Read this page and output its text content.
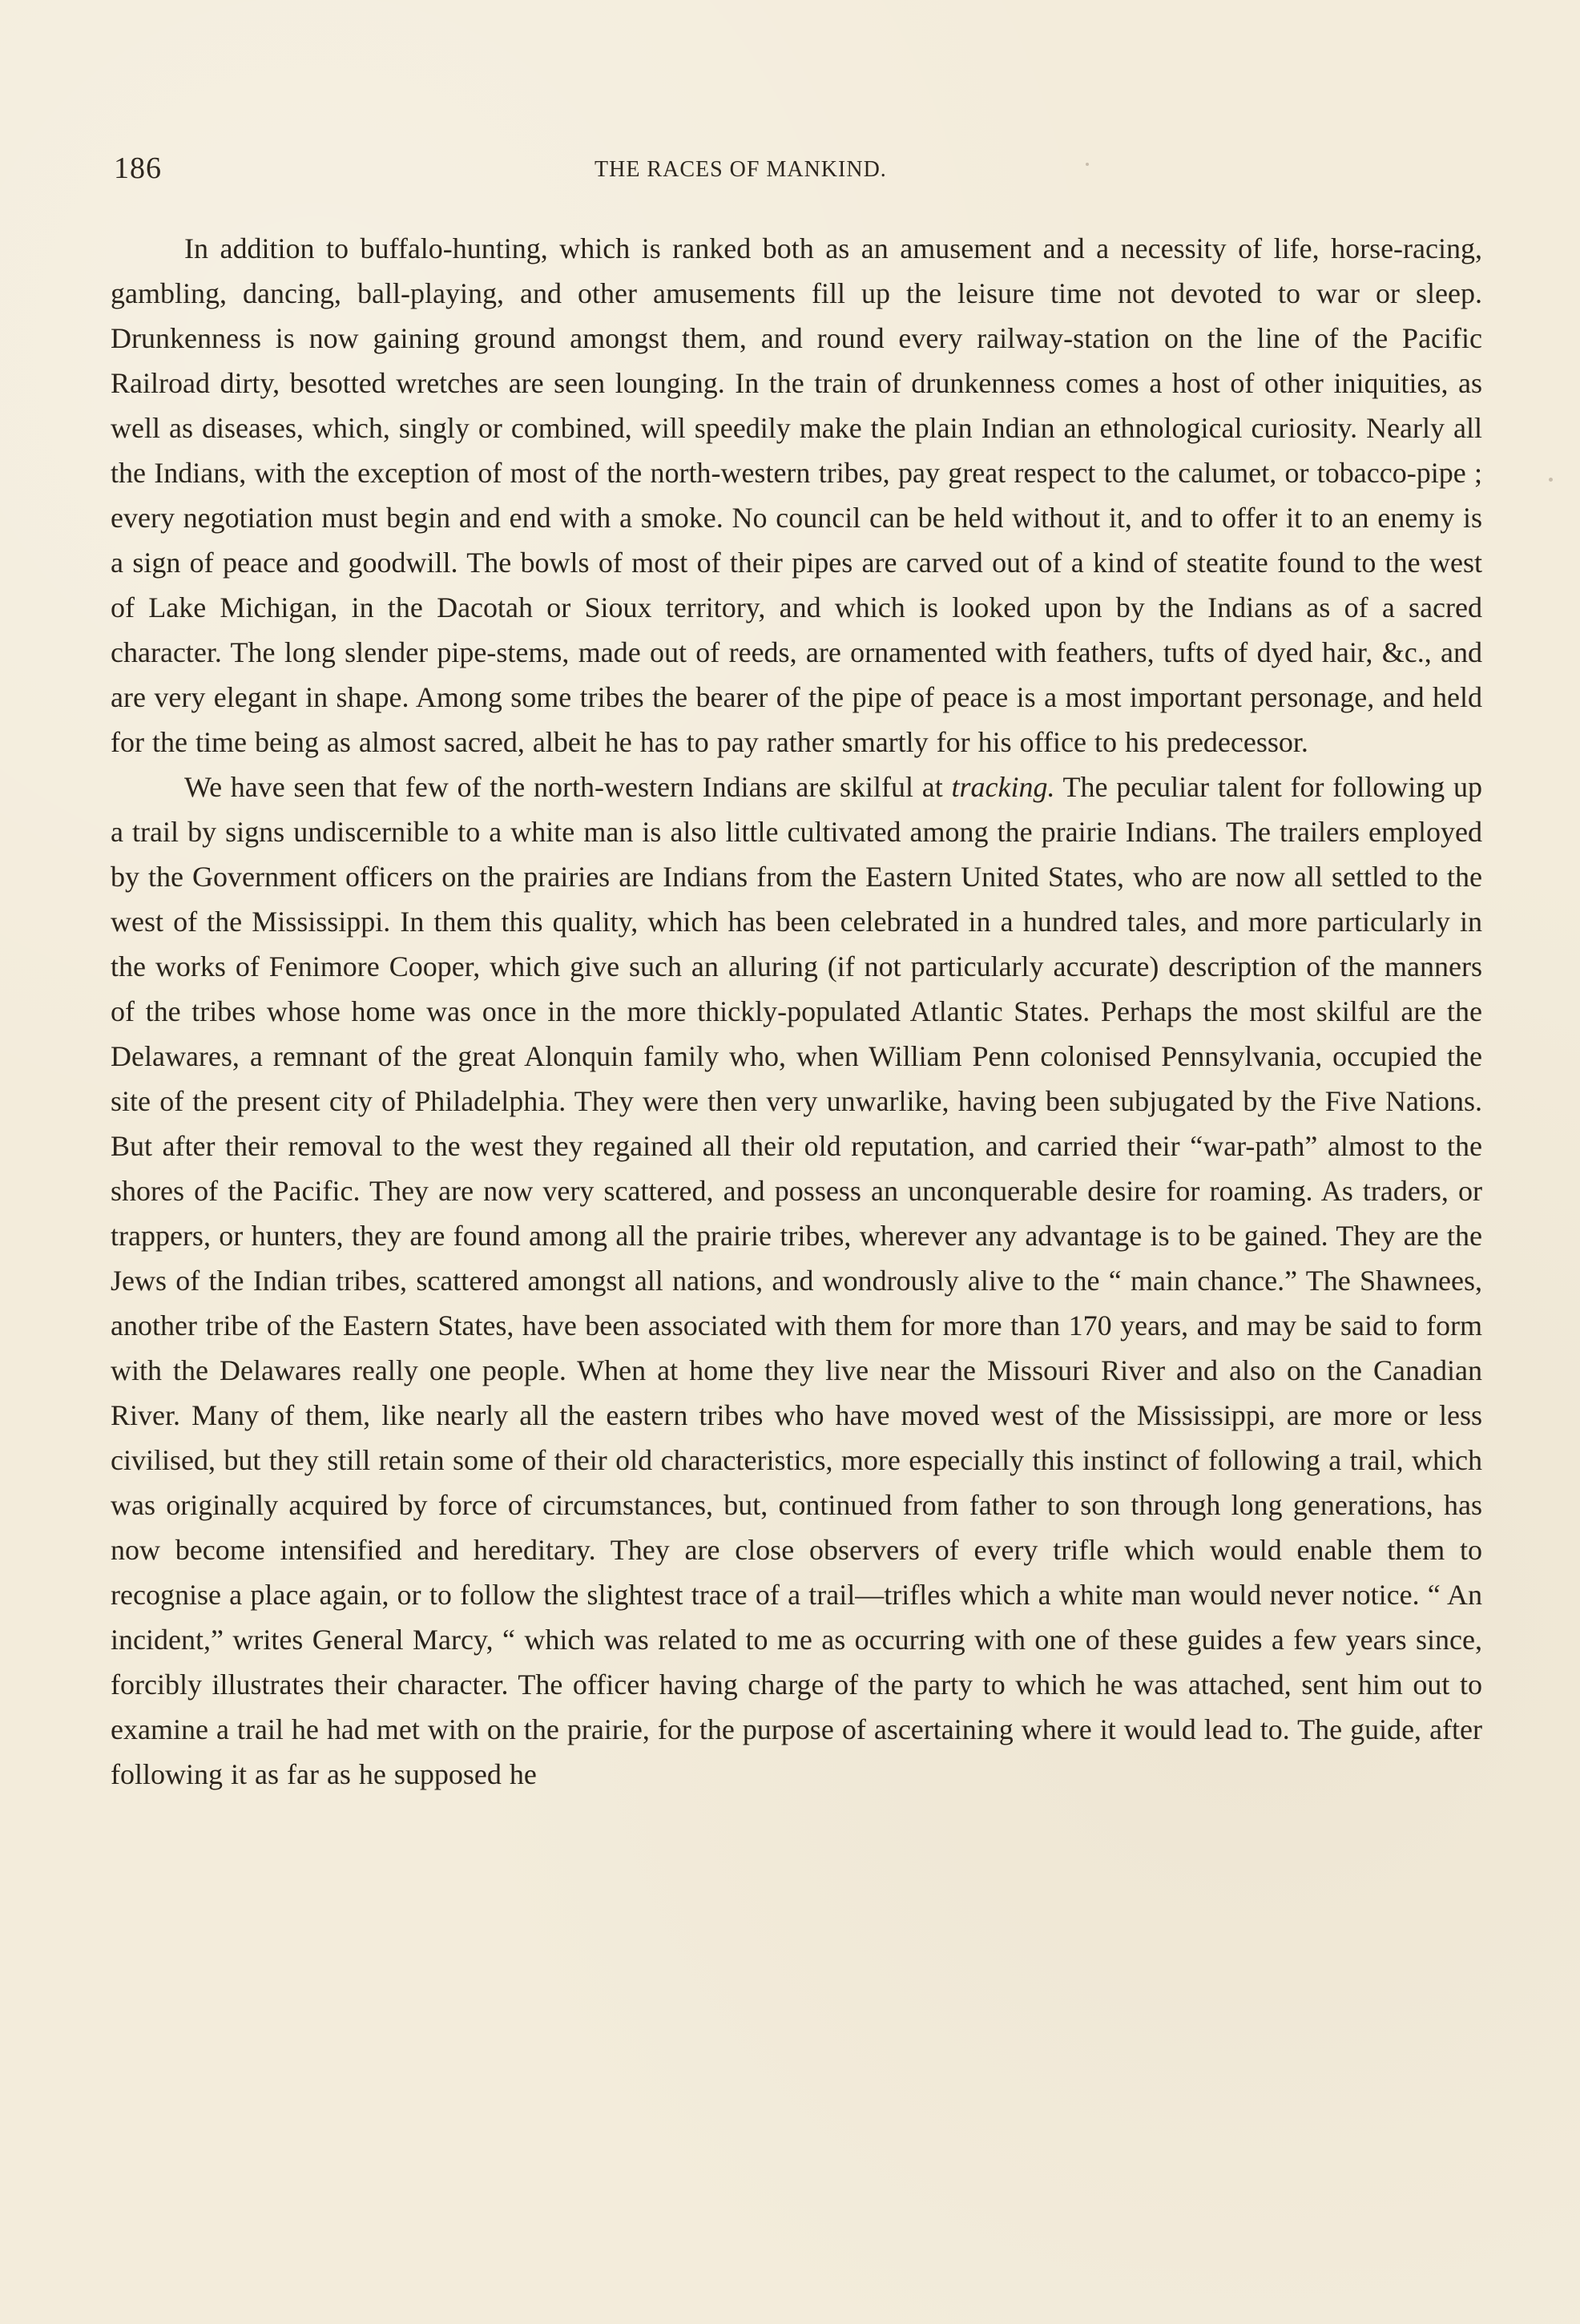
186	THE RACES OF MANKIND.

In addition to buffalo-hunting, which is ranked both as an amusement and a necessity of life, horse-racing, gambling, dancing, ball-playing, and other amusements fill up the leisure time not devoted to war or sleep. Drunkenness is now gaining ground amongst them, and round every railway-station on the line of the Pacific Railroad dirty, besotted wretches are seen lounging. In the train of drunkenness comes a host of other iniquities, as well as diseases, which, singly or combined, will speedily make the plain Indian an ethnological curiosity. Nearly all the Indians, with the exception of most of the north-western tribes, pay great respect to the calumet, or tobacco-pipe ; every negotiation must begin and end with a smoke. No council can be held without it, and to offer it to an enemy is a sign of peace and goodwill. The bowls of most of their pipes are carved out of a kind of steatite found to the west of Lake Michigan, in the Dacotah or Sioux territory, and which is looked upon by the Indians as of a sacred character. The long slender pipe-stems, made out of reeds, are ornamented with feathers, tufts of dyed hair, &c., and are very elegant in shape. Among some tribes the bearer of the pipe of peace is a most important personage, and held for the time being as almost sacred, albeit he has to pay rather smartly for his office to his predecessor.

We have seen that few of the north-western Indians are skilful at tracking. The peculiar talent for following up a trail by signs undiscernible to a white man is also little cultivated among the prairie Indians. The trailers employed by the Government officers on the prairies are Indians from the Eastern United States, who are now all settled to the west of the Mississippi. In them this quality, which has been celebrated in a hundred tales, and more particularly in the works of Fenimore Cooper, which give such an alluring (if not particularly accurate) description of the manners of the tribes whose home was once in the more thickly-populated Atlantic States. Perhaps the most skilful are the Delawares, a remnant of the great Alonquin family who, when William Penn colonised Pennsylvania, occupied the site of the present city of Philadelphia. They were then very unwarlike, having been subjugated by the Five Nations. But after their removal to the west they regained all their old reputation, and carried their “war-path” almost to the shores of the Pacific. They are now very scattered, and possess an unconquerable desire for roaming. As traders, or trappers, or hunters, they are found among all the prairie tribes, wherever any advantage is to be gained. They are the Jews of the Indian tribes, scattered amongst all nations, and wondrously alive to the “ main chance.” The Shawnees, another tribe of the Eastern States, have been associated with them for more than 170 years, and may be said to form with the Delawares really one people. When at home they live near the Missouri River and also on the Canadian River. Many of them, like nearly all the eastern tribes who have moved west of the Mississippi, are more or less civilised, but they still retain some of their old characteristics, more especially this instinct of following a trail, which was originally acquired by force of circumstances, but, continued from father to son through long generations, has now become intensified and hereditary. They are close observers of every trifle which would enable them to recognise a place again, or to follow the slightest trace of a trail—trifles which a white man would never notice. “ An incident,” writes General Marcy, “ which was related to me as occurring with one of these guides a few years since, forcibly illustrates their character. The officer having charge of the party to which he was attached, sent him out to examine a trail he had met with on the prairie, for the purpose of ascertaining where it would lead to. The guide, after following it as far as he supposed he
